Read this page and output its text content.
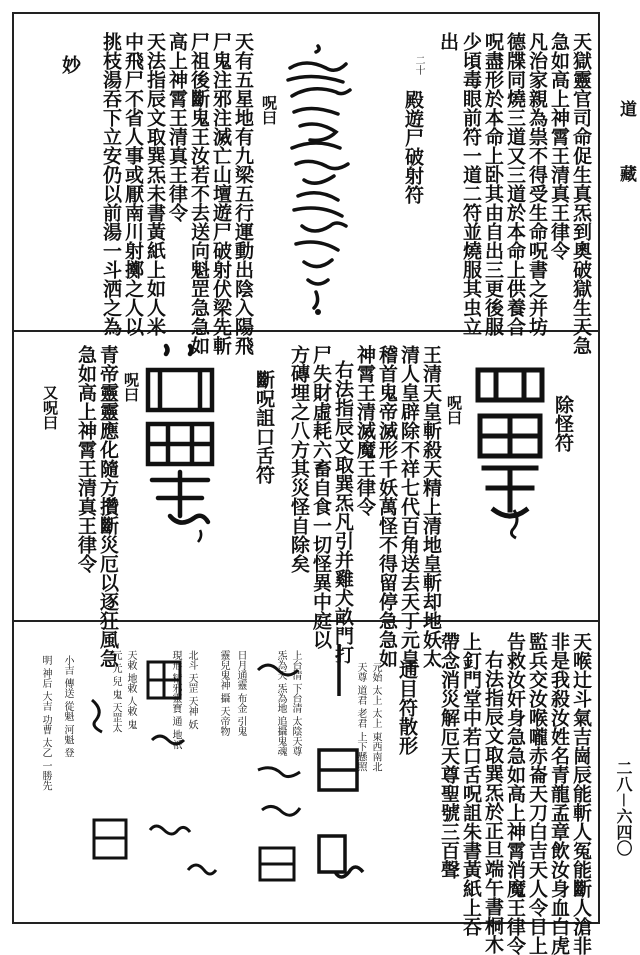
道
藏
二八－六四〇
天獄靈官司命促生真炁到奧破獄生天急
急如高上神霄王清真王律令
凡治家親為祟不得受生命呪書之并坊
德牒同燒三道又三道於本命上供養合
呪盡形於本命上卧其由自出三更後服
少頃毒眼前符一道二符並燒服其虫立
出
殿遊尸破射符
二十
呪曰
天有五星地有九梁五行運動出陰入陽飛
尸鬼注邪注滅亡山壇遊尸破射伏梁先斬
尸祖後斷鬼王汝若不去送向魁罡急急如
高上神霄王清真王律令
天法指辰文取巽炁未書黃紙上如人米
中飛尸不省人事或厭南川射擲之人以
挑枝湯吞下立安仍以前湯一斗洒之為
妙
除怪符
呪曰
王清天皇斬殺天精上清地皇斬却地妖太
清人皇辟除不祥七代百角送去天丁元皇
稽首鬼帝滅形千妖萬怪不得留停急急如
神霄王清滅魔王律令
右法指辰文取巽炁凡引并雞犬畝門打
尸失財虛耗六畜自食一切怪異中庭以
方磚埋之八方其災怪自除矣
斷呪詛口舌符
呪曰
青帝靈靈應化隨方攢斷災厄以逐狂風急
急如高上神霄王清真王律令
又呪曰
天喉辻斗氣吉崗辰能斬人冤能斷人滄非
非是我殺汝姓名青龍孟章飲汝身血白虎
監兵交汝喉嚨赤崙天刀白吉天人令日上
告救汝奸身急急如高上神霄消魔王律令
右法指辰文取巽炁於正旦端午書桐木
上釘門堂中若口舌呪詛朱書黃紙上吞
帶念消災解厄天尊聖號三百聲
通目符散形
元始 太上 太上 東西南北
天尊 道君 老君 上下懸照
上台清 下台清 太陰天尊
炁為天 炁為地 追攝鬼魂
日月通靈 布金 引鬼
靈兒鬼神 攝 天帝物
北斗 天罡 天神 妖
現形 精邪靈寶 通 地祇
天敕 地敕 人敕 鬼
元 元 兒 鬼 天罡太
小吉 傳送 從魁 河魁 登
明 神后 大吉 功曹 太乙 一勝先
